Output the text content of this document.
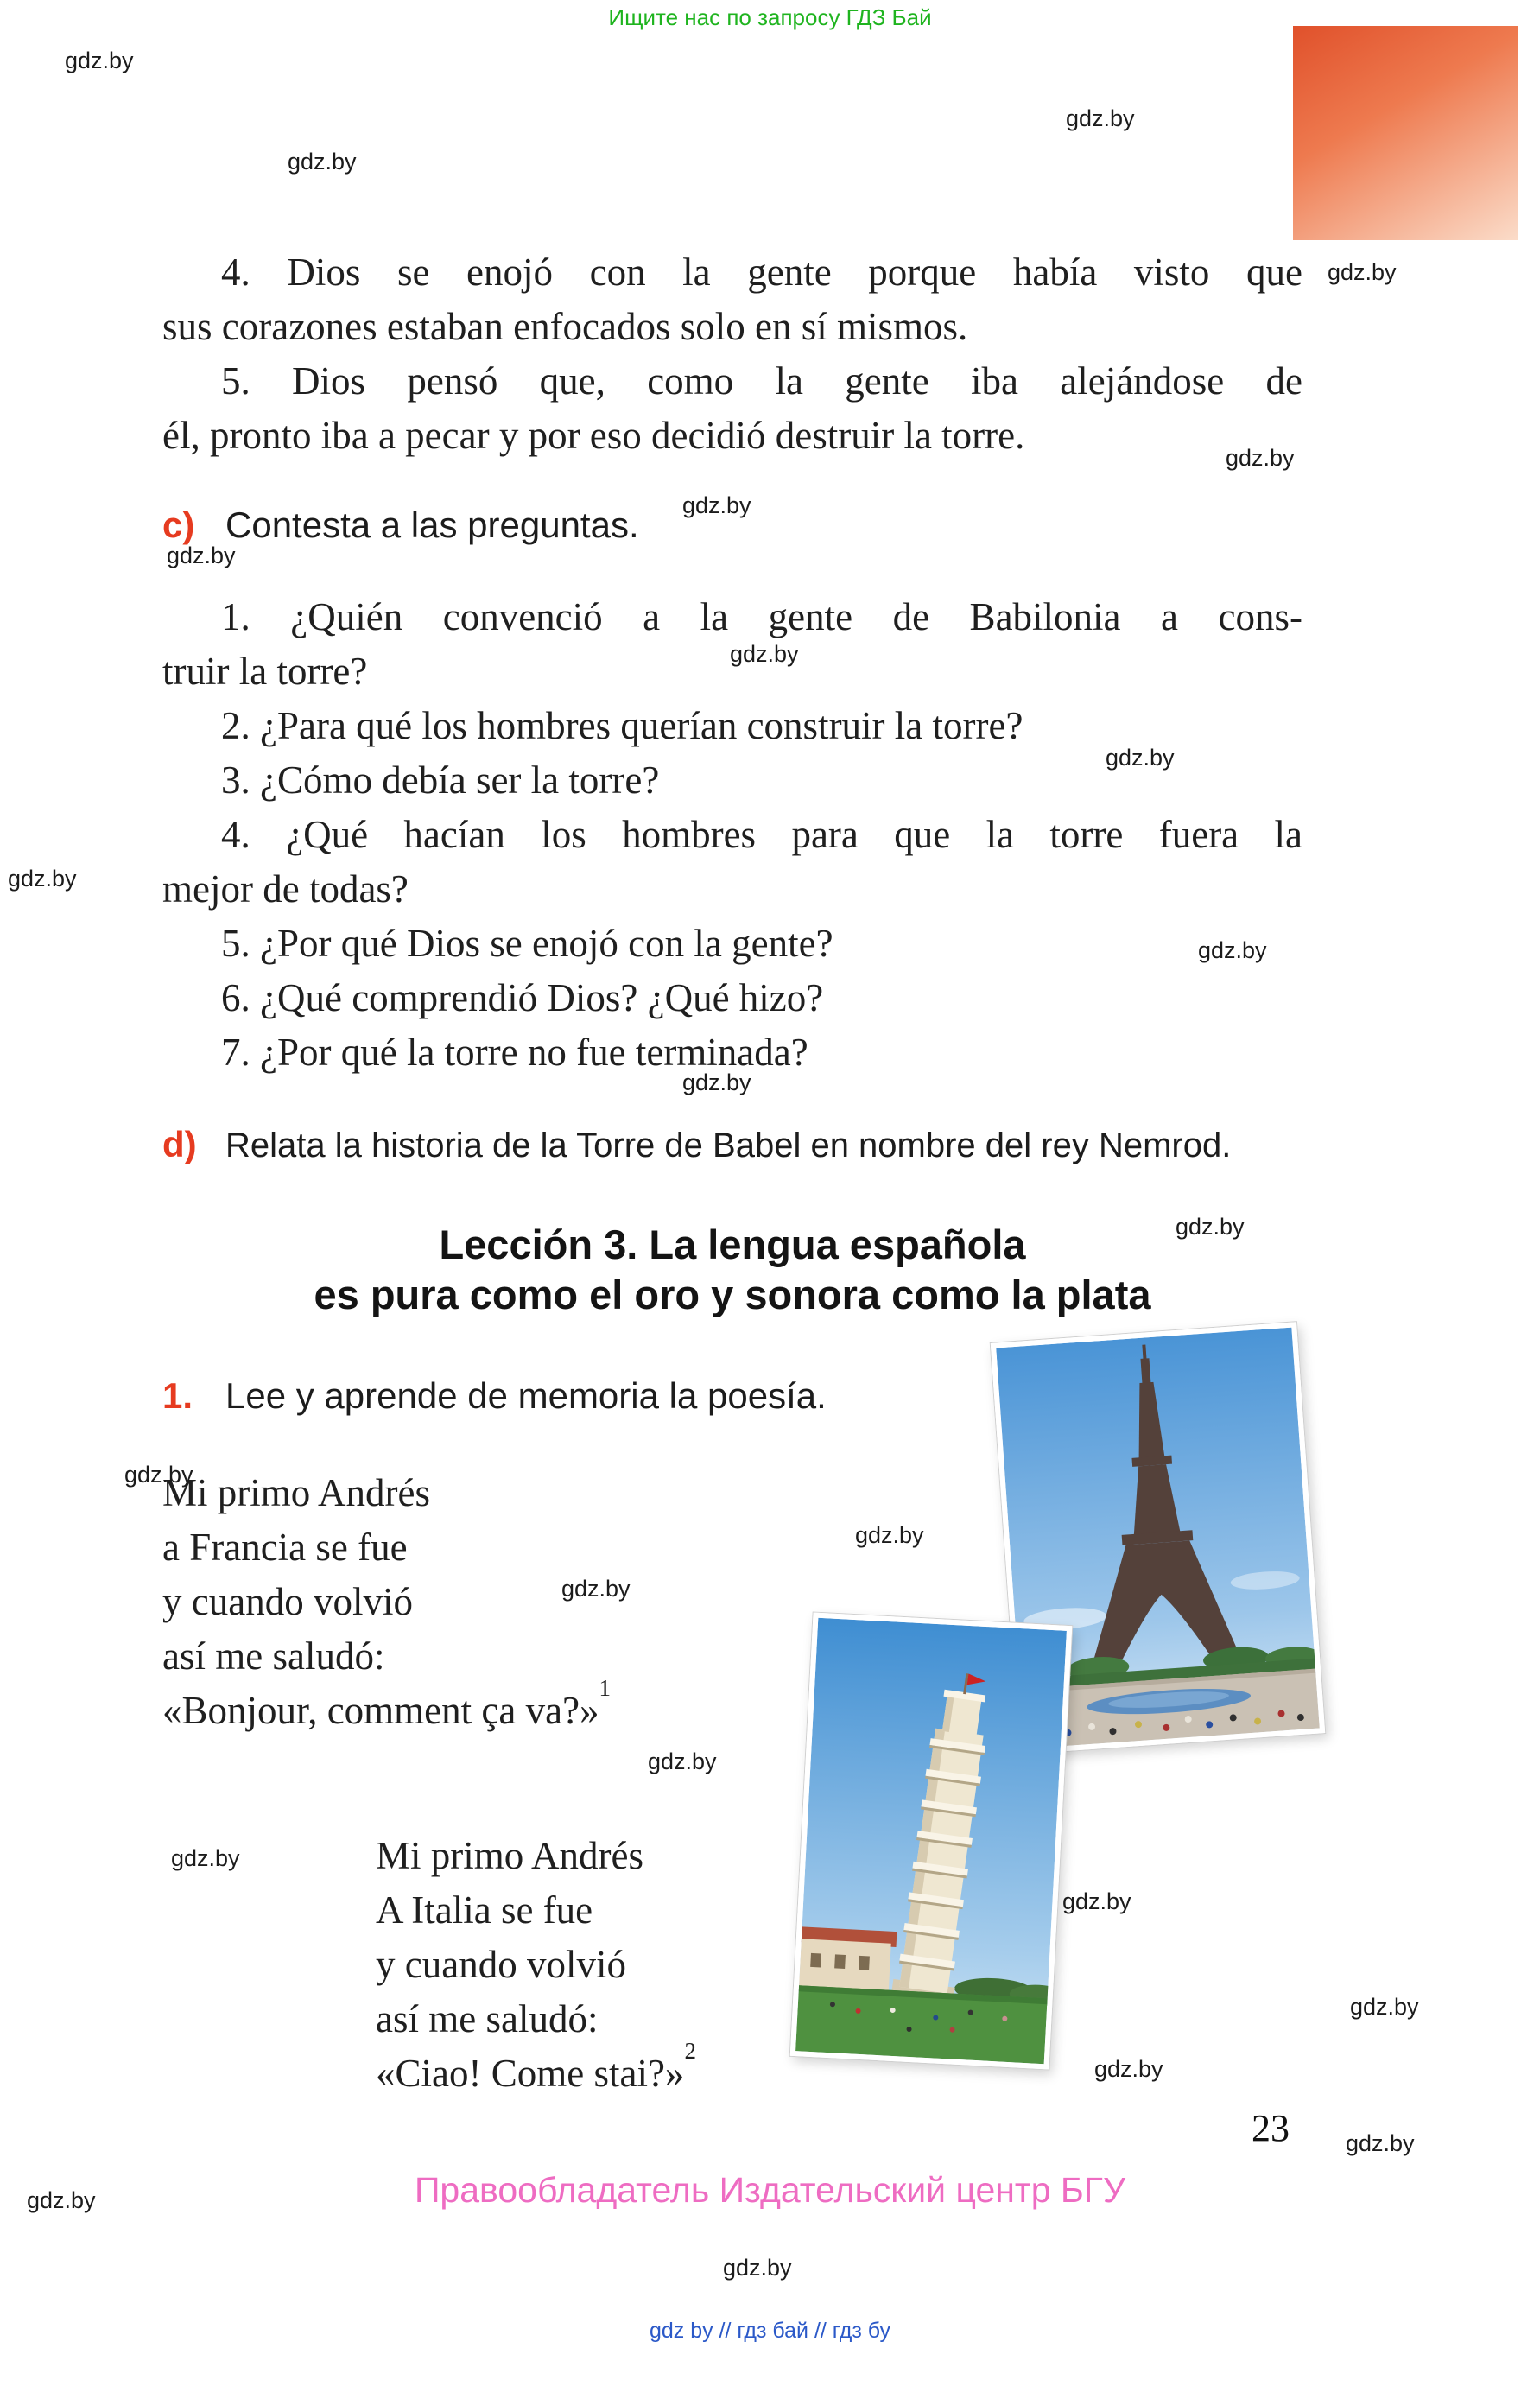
Ищите нас по запросу ГДЗ Бай
gdz.by
gdz.by
gdz.by
gdz.by
gdz.by
gdz.by
gdz.by
gdz.by
gdz.by
gdz.by
gdz.by
gdz.by
gdz.by
gdz.by
gdz.by
gdz.by
gdz.by
gdz.by
gdz.by
gdz.by
gdz.by
gdz.by
gdz.by
gdz.by
4. Dios se enojó con la gente porque había visto que
sus corazones estaban enfocados solo en sí mismos.
5. Dios pensó que, como la gente iba alejándose de
él, pronto iba a pecar y por eso decidió destruir la torre.
c) Contesta a las preguntas.
1. ¿Quién convenció a la gente de Babilonia a cons-
truir la torre?
2. ¿Para qué los hombres querían construir la torre?
3. ¿Cómo debía ser la torre?
4. ¿Qué hacían los hombres para que la torre fuera la
mejor de todas?
5. ¿Por qué Dios se enojó con la gente?
6. ¿Qué comprendió Dios? ¿Qué hizo?
7. ¿Por qué la torre no fue terminada?
d) Relata la historia de la Torre de Babel en nombre del rey Nemrod.
Lección 3. La lengua española
es pura como el oro y sonora como la plata
1. Lee y aprende de memoria la poesía.
Mi primo Andrés
a Francia se fue
y cuando volvió
así me saludó:
«Bonjour, comment ça va?»$^1$
Mi primo Andrés
A Italia se fue
y cuando volvió
así me saludó:
«Ciao! Come stai?»$^2$
23
Правообладатель Издательский центр БГУ
gdz by // гдз бай // гдз бу
